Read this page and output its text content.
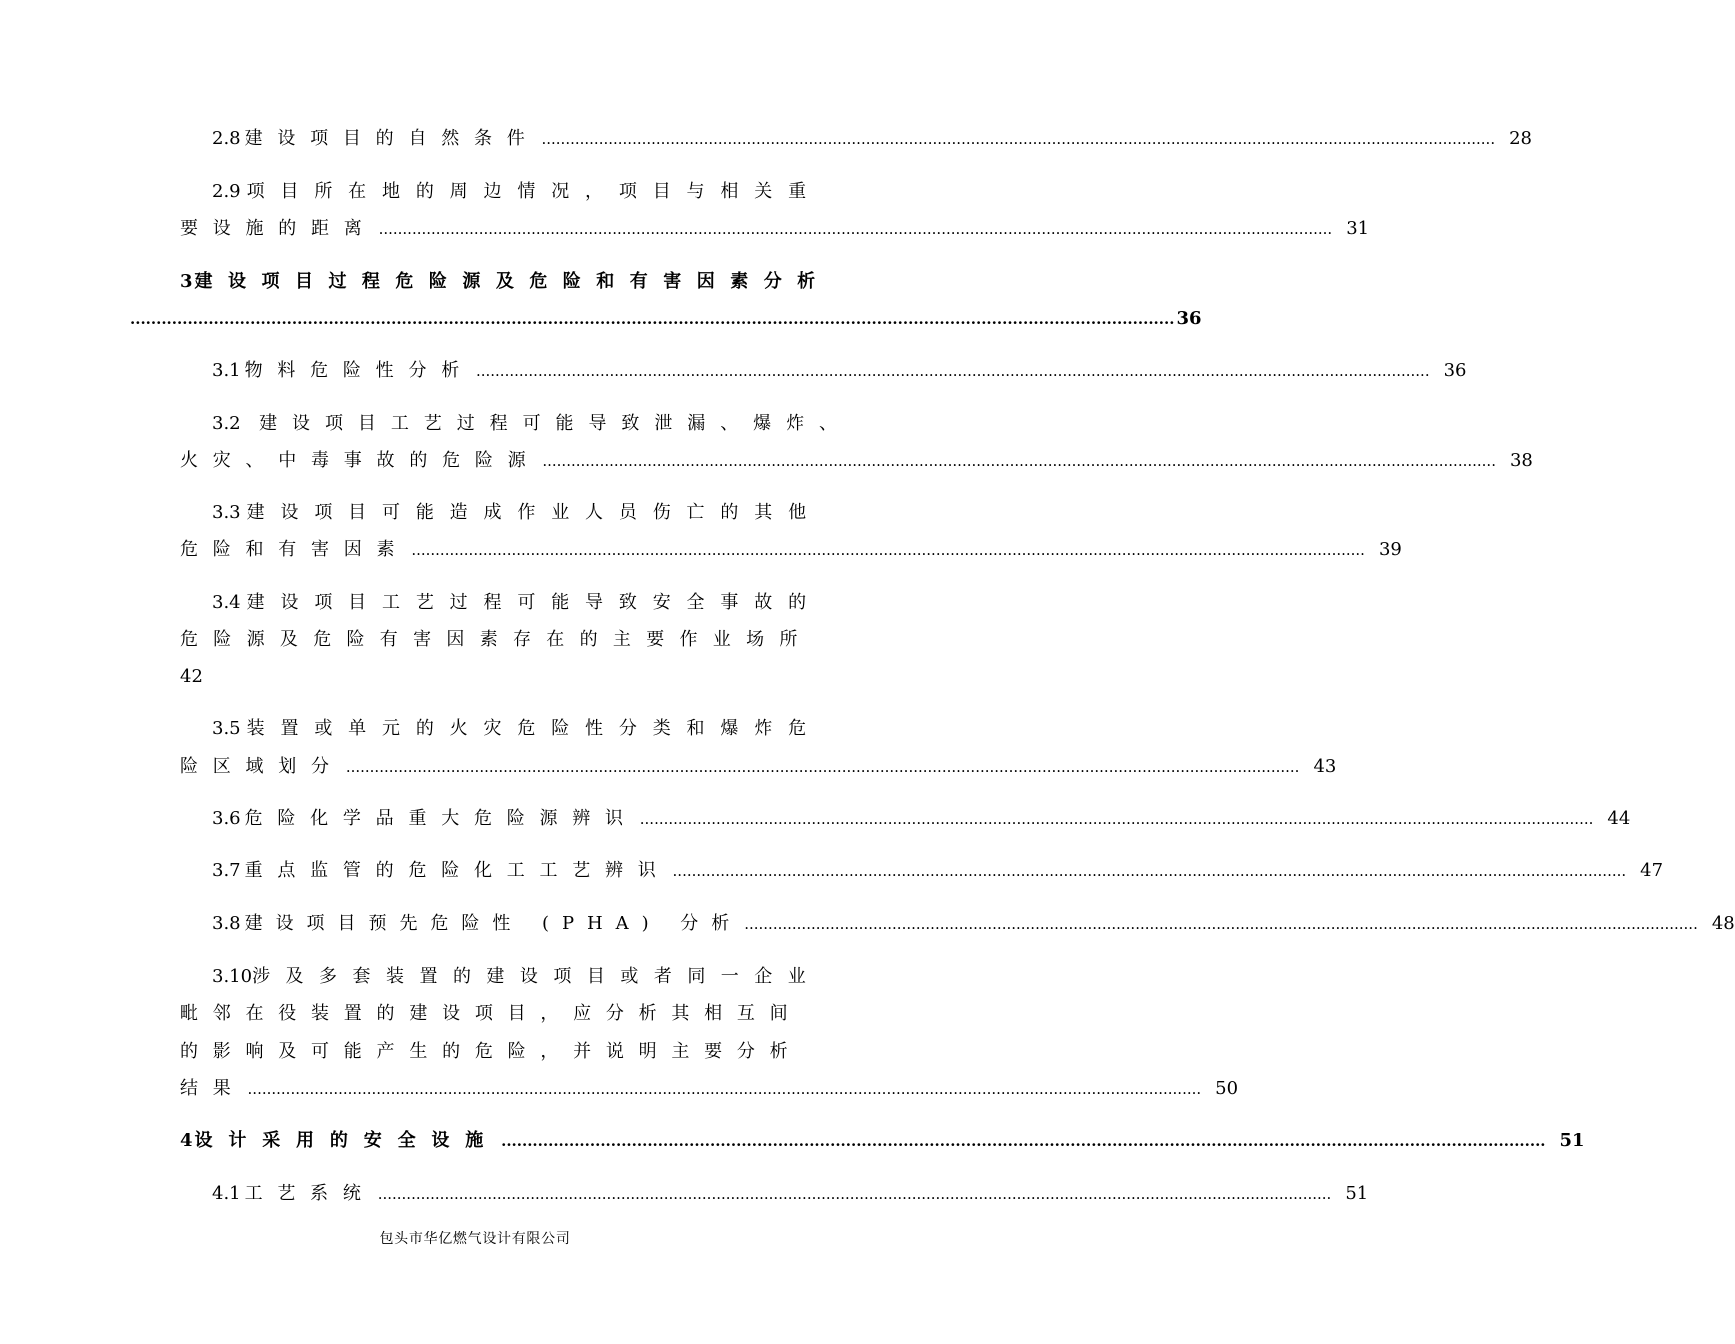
2.8 建设项目的自然条件 ........................................................................................................................................................................................................ 28
2.9 项目所在地的周边情况，项目与相关重
要设施的距离 ........................................................................................................................................................................................................ 31
3 建设项目过程危险源及危险和有害因素分析
........................................................................................................................................................................................................ 36
3.1 物料危险性分析 ........................................................................................................................................................................................................ 36
3.2 建设项目工艺过程可能导致泄漏、爆炸、
火灾、中毒事故的危险源 ........................................................................................................................................................................................................ 38
3.3 建设项目可能造成作业人员伤亡的其他
危险和有害因素 ........................................................................................................................................................................................................ 39
3.4 建设项目工艺过程可能导致安全事故的
危险源及危险有害因素存在的主要作业场所
42
3.5 装置或单元的火灾危险性分类和爆炸危
险区域划分 ........................................................................................................................................................................................................ 43
3.6 危险化学品重大危险源辨识 ........................................................................................................................................................................................................ 44
3.7 重点监管的危险化工工艺辨识 ........................................................................................................................................................................................................ 47
3.8 建设项目预先危险性 (PHA) 分析 ........................................................................................................................................................................................................ 48
3.10 涉及多套装置的建设项目或者同一企业
毗邻在役装置的建设项目，应分析其相互间
的影响及可能产生的危险，并说明主要分析
结果 ........................................................................................................................................................................................................ 50
4 设计采用的安全设施 ........................................................................................................................................................................................................ 51
4.1 工艺系统 ........................................................................................................................................................................................................ 51
包头市华亿燃气设计有限公司
